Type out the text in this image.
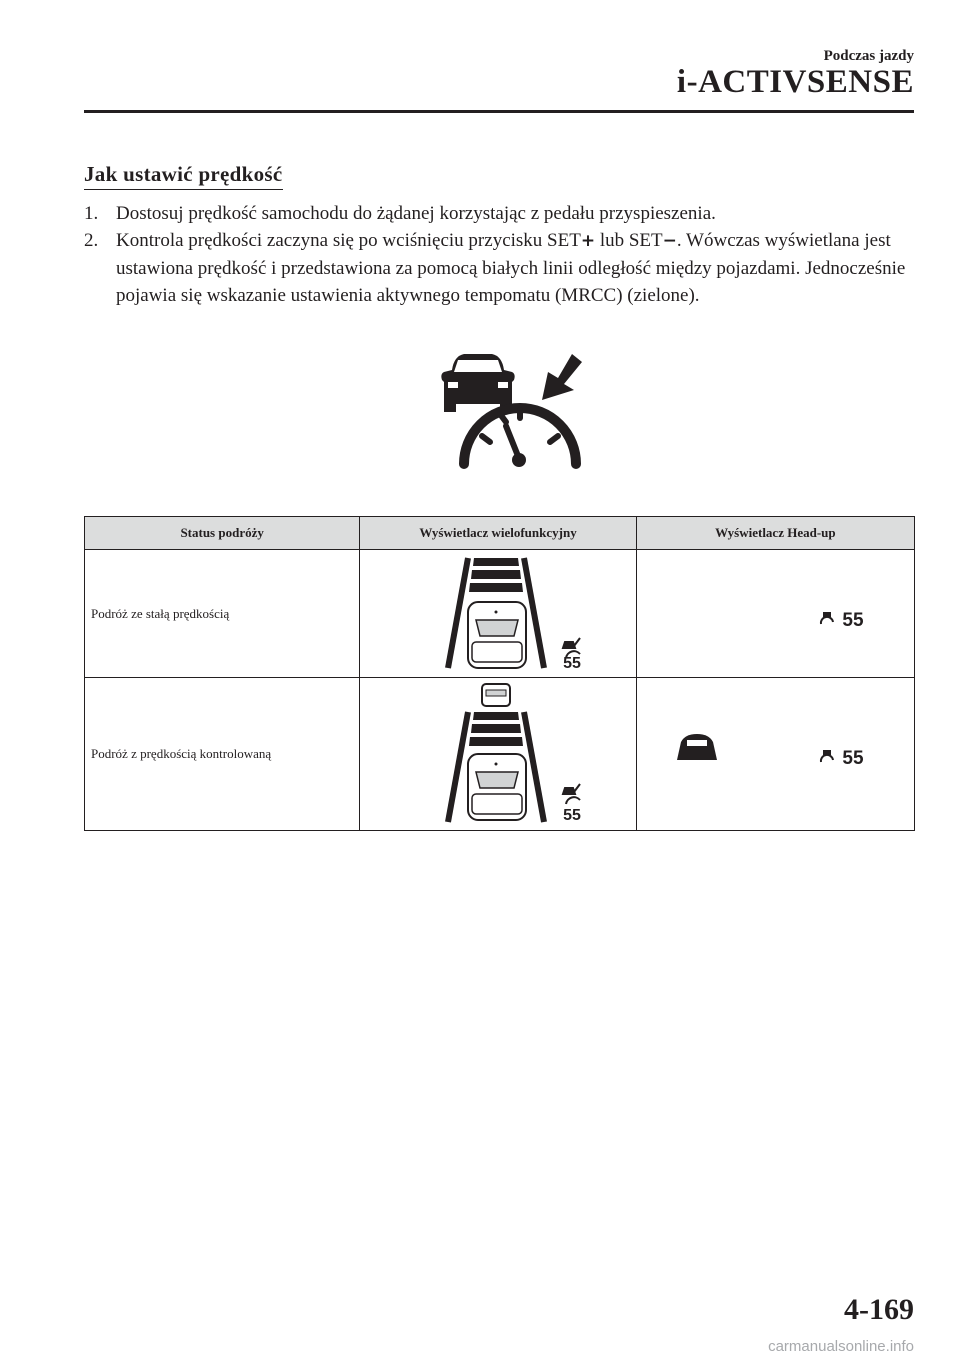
Podczas jazdy
i-ACTIVSENSE
Jak ustawić prędkość
1. Dostosuj prędkość samochodu do żądanej korzystając z pedału przyspieszenia.
2. Kontrola prędkości zaczyna się po wciśnięciu przycisku SET+ lub SET−. Wówczas wyświetlana jest ustawiona prędkość i przedstawiona za pomocą białych linii odległość między pojazdami. Jednocześnie pojawia się wskazanie ustawienia aktywnego tempomatu (MRCC) (zielone).
Status podróży	Wyświetlacz wielofunkcyjny	Wyświetlacz Head-up
Podróż ze stałą prędkością	55	55

Podróż z prędkością kontrolowaną	55	55
4-169
carmanualsonline.info
